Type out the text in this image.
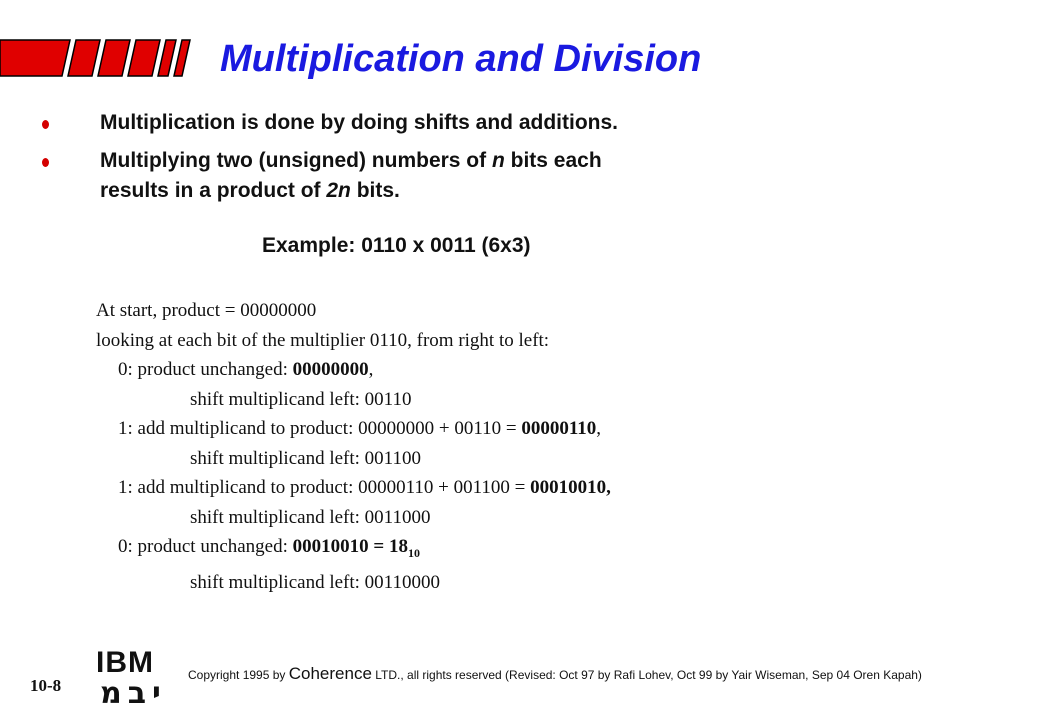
Multiplication and Division
Multiplication is done by doing shifts and additions.
Multiplying two (unsigned) numbers of n bits each
results in a product of 2n bits.
Example: 0110 x 0011 (6x3)
At start, product = 00000000
looking at each bit of the multiplier 0110, from right to left:
0: product unchanged: 00000000,
shift multiplicand left: 00110
1: add multiplicand to product: 00000000 + 00110 = 00000110,
shift multiplicand left: 001100
1: add multiplicand to product: 00000110 + 001100 = 00010010,
shift multiplicand left: 0011000
0: product unchanged: $00010010 = 18_{10}$
shift multiplicand left: 00110000
10-8
IBM
יבמ
Copyright 1995 by Coherence LTD., all rights reserved (Revised: Oct 97 by Rafi Lohev, Oct 99 by Yair Wiseman, Sep 04 Oren Kapah)
